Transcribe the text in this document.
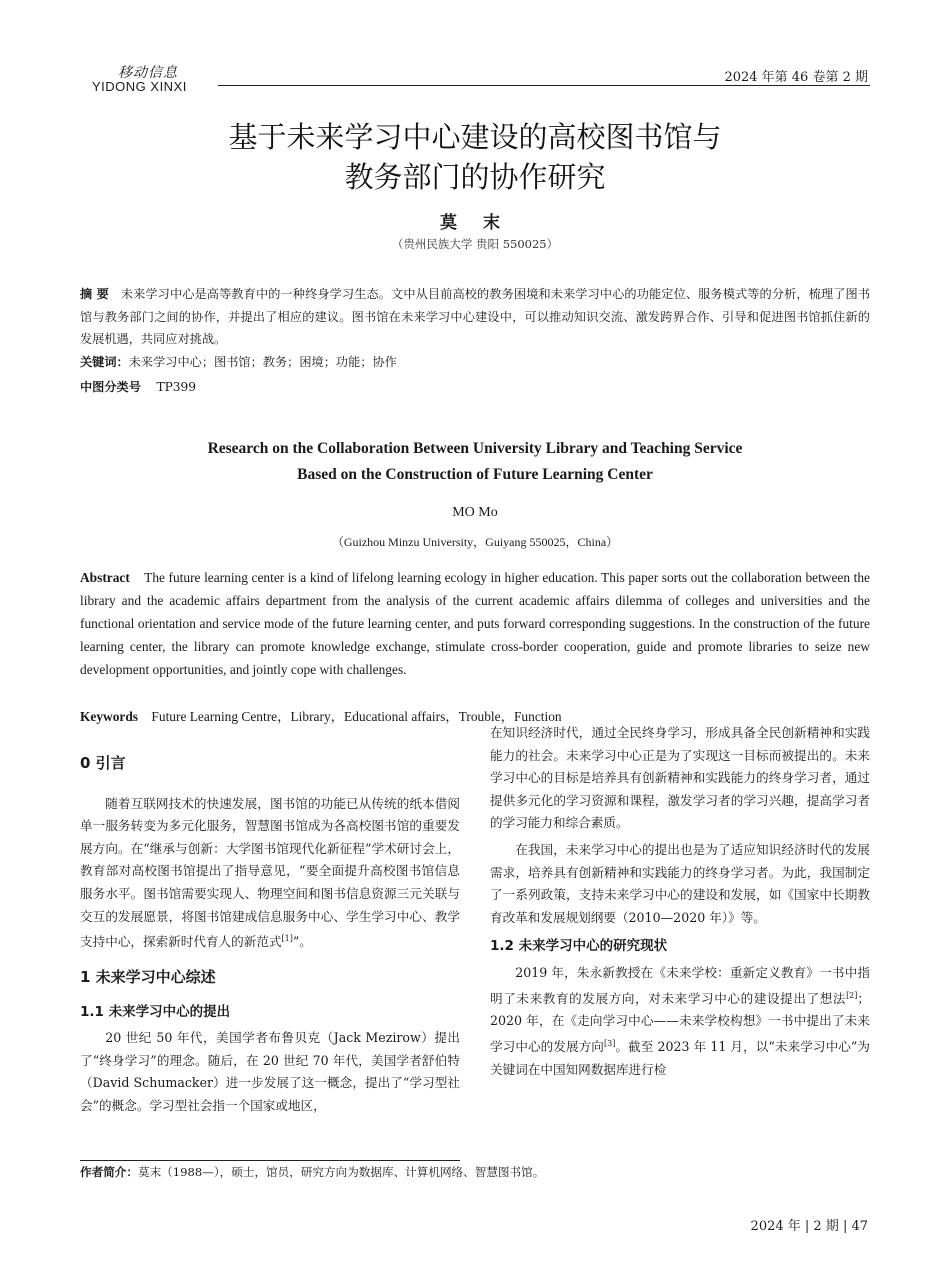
移动信息
YIDONG XINXI
2024 年第 46 卷第 2 期
基于未来学习中心建设的高校图书馆与
教务部门的协作研究
莫 末
（贵州民族大学 贵阳 550025）
摘 要 未来学习中心是高等教育中的一种终身学习生态。文中从目前高校的教务困境和未来学习中心的功能定位、服务模式等的分析，梳理了图书馆与教务部门之间的协作，并提出了相应的建议。图书馆在未来学习中心建设中，可以推动知识交流、激发跨界合作、引导和促进图书馆抓住新的发展机遇，共同应对挑战。
关键词：未来学习中心；图书馆；教务；困境；功能；协作
中图分类号 TP399
Research on the Collaboration Between University Library and Teaching Service
Based on the Construction of Future Learning Center
MO Mo
（Guizhou Minzu University，Guiyang 550025，China）
Abstract The future learning center is a kind of lifelong learning ecology in higher education. This paper sorts out the collaboration between the library and the academic affairs department from the analysis of the current academic affairs dilemma of colleges and universities and the functional orientation and service mode of the future learning center, and puts forward corresponding suggestions. In the construction of the future learning center, the library can promote knowledge exchange, stimulate cross-border cooperation, guide and promote libraries to seize new development opportunities, and jointly cope with challenges.
Keywords Future Learning Centre，Library，Educational affairs，Trouble，Function
0 引言

随着互联网技术的快速发展，图书馆的功能已从传统的纸本借阅单一服务转变为多元化服务，智慧图书馆成为各高校图书馆的重要发展方向。在“继承与创新：大学图书馆现代化新征程”学术研讨会上，教育部对高校图书馆提出了指导意见，“要全面提升高校图书馆信息服务水平。图书馆需要实现人、物理空间和图书信息资源三元关联与交互的发展愿景，将图书馆建成信息服务中心、学生学习中心、教学支持中心，探索新时代育人的新范式[1]”。

1 未来学习中心综述
1.1 未来学习中心的提出

20 世纪 50 年代，美国学者布鲁贝克（Jack Mezirow）提出了“终身学习”的理念。随后，在 20 世纪 70 年代，美国学者舒伯特（David Schumacker）进一步发展了这一概念，提出了“学习型社会”的概念。学习型社会指一个国家或地区，

在知识经济时代，通过全民终身学习，形成具备全民创新精神和实践能力的社会。未来学习中心正是为了实现这一目标而被提出的。未来学习中心的目标是培养具有创新精神和实践能力的终身学习者，通过提供多元化的学习资源和课程，激发学习者的学习兴趣，提高学习者的学习能力和综合素质。

在我国，未来学习中心的提出也是为了适应知识经济时代的发展需求，培养具有创新精神和实践能力的终身学习者。为此，我国制定了一系列政策，支持未来学习中心的建设和发展，如《国家中长期教育改革和发展规划纲要（2010—2020 年）》等。

1.2 未来学习中心的研究现状

2019 年，朱永新教授在《未来学校：重新定义教育》一书中指明了未来教育的发展方向，对未来学习中心的建设提出了想法[2]；2020 年，在《走向学习中心——未来学校构想》一书中提出了未来学习中心的发展方向[3]。截至 2023 年 11 月，以“未来学习中心”为关键词在中国知网数据库进行检

作者简介：莫末（1988—），硕士，馆员，研究方向为数据库、计算机网络、智慧图书馆。
2024 年 | 2 期 | 47
